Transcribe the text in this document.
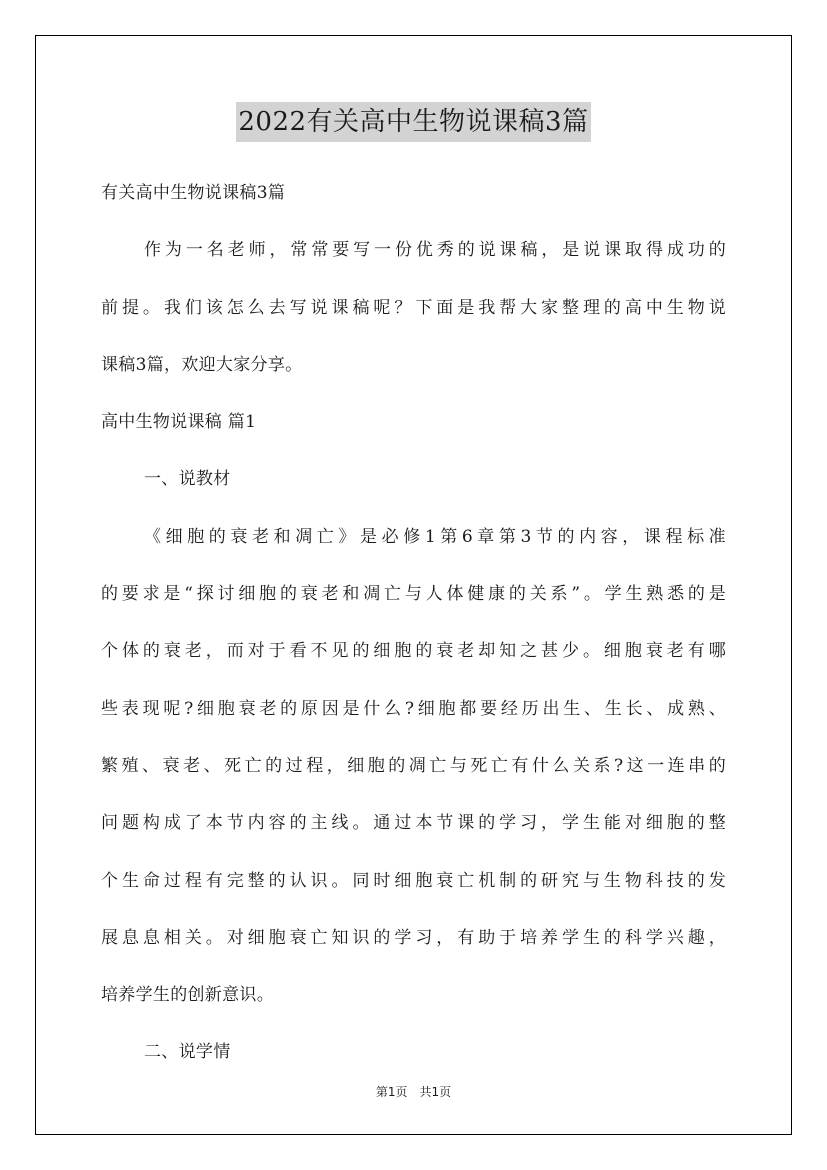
2022有关高中生物说课稿3篇
有关高中生物说课稿3篇
作为一名老师，常常要写一份优秀的说课稿，是说课取得成功的
前提。我们该怎么去写说课稿呢？下面是我帮大家整理的高中生物说
课稿3篇，欢迎大家分享。
高中生物说课稿 篇1
一、说教材
《细胞的衰老和凋亡》是必修1第6章第3节的内容，课程标准
的要求是“探讨细胞的衰老和凋亡与人体健康的关系”。学生熟悉的是
个体的衰老，而对于看不见的细胞的衰老却知之甚少。细胞衰老有哪
些表现呢?细胞衰老的原因是什么?细胞都要经历出生、生长、成熟、
繁殖、衰老、死亡的过程，细胞的凋亡与死亡有什么关系?这一连串的
问题构成了本节内容的主线。通过本节课的学习，学生能对细胞的整
个生命过程有完整的认识。同时细胞衰亡机制的研究与生物科技的发
展息息相关。对细胞衰亡知识的学习，有助于培养学生的科学兴趣，
培养学生的创新意识。
二、说学情
第1页 共1页
